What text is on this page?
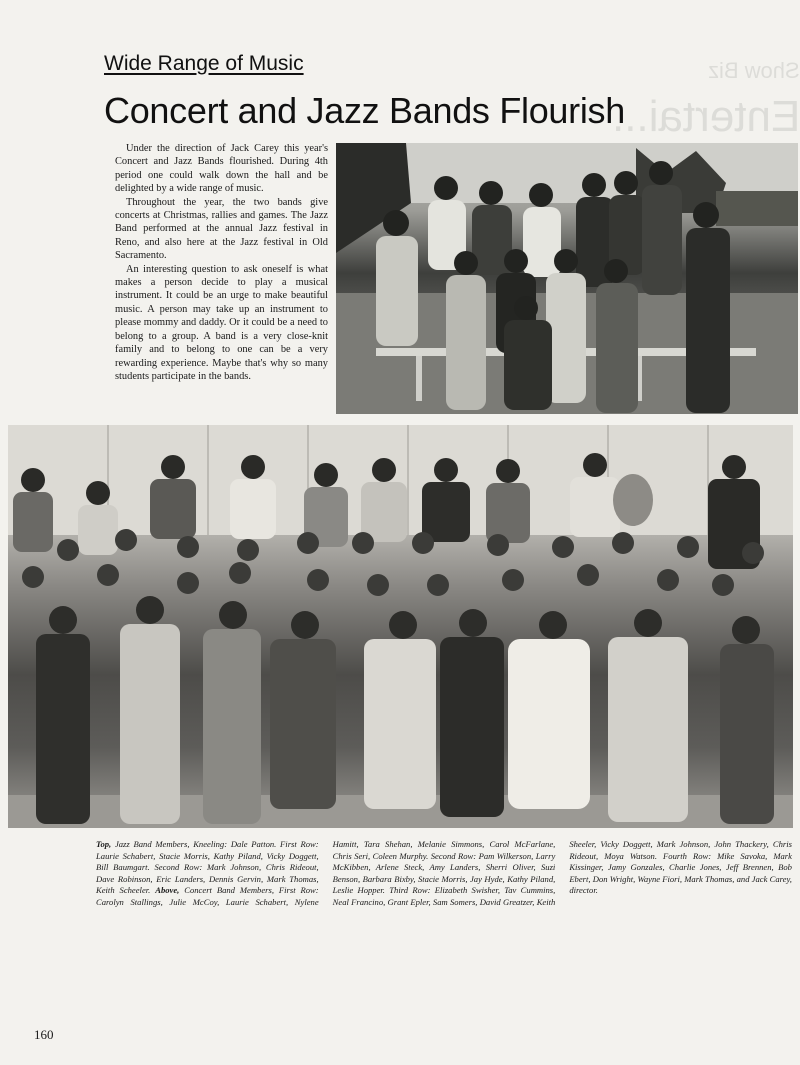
Show Biz
Entertai...
Wide Range of Music
Concert and Jazz Bands Flourish

Under the direction of Jack Carey this year's Concert and Jazz Bands flourished. During 4th period one could walk down the hall and be delighted by a wide range of music.

Throughout the year, the two bands give concerts at Christmas, rallies and games. The Jazz Band performed at the annual Jazz festival in Reno, and also here at the Jazz festival in Old Sacramento.

An interesting question to ask oneself is what makes a person decide to play a musical instrument. It could be an urge to make beautiful music. A person may take up an instrument to please mommy and daddy. Or it could be a need to belong to a group. A band is a very close-knit family and to belong to one can be a very rewarding experience. Maybe that's why so many students participate in the bands.

Top, Jazz Band Members, Kneeling: Dale Patton. First Row: Laurie Schabert, Stacie Morris, Kathy Piland, Vicky Doggett, Bill Baumgart. Second Row: Mark Johnson, Chris Rideout, Dave Robinson, Eric Landers, Dennis Gervin, Mark Thomas, Keith Scheeler. Above, Concert Band Members, First Row: Carolyn Stallings, Julie McCoy, Laurie Schabert, Nylene Hamitt, Tara Shehan, Melanie Simmons, Carol McFarlane, Chris Seri, Coleen Murphy. Second Row: Pam Wilkerson, Larry McKibben, Arlene Steck, Amy Landers, Sherri Oliver, Suzi Benson, Barbara Bixby, Stacie Morris, Jay Hyde, Kathy Piland, Leslie Hopper. Third Row: Elizabeth Swisher, Tav Cummins, Neal Francino, Grant Epler, Sam Somers, David Greatzer, Keith Sheeler, Vicky Doggett, Mark Johnson, John Thackery, Chris Rideout, Moya Watson. Fourth Row: Mike Savoka, Mark Kissinger, Jamy Gonzales, Charlie Jones, Jeff Brennen, Bob Ebert, Don Wright, Wayne Fiori, Mark Thomas, and Jack Carey, director.
160
